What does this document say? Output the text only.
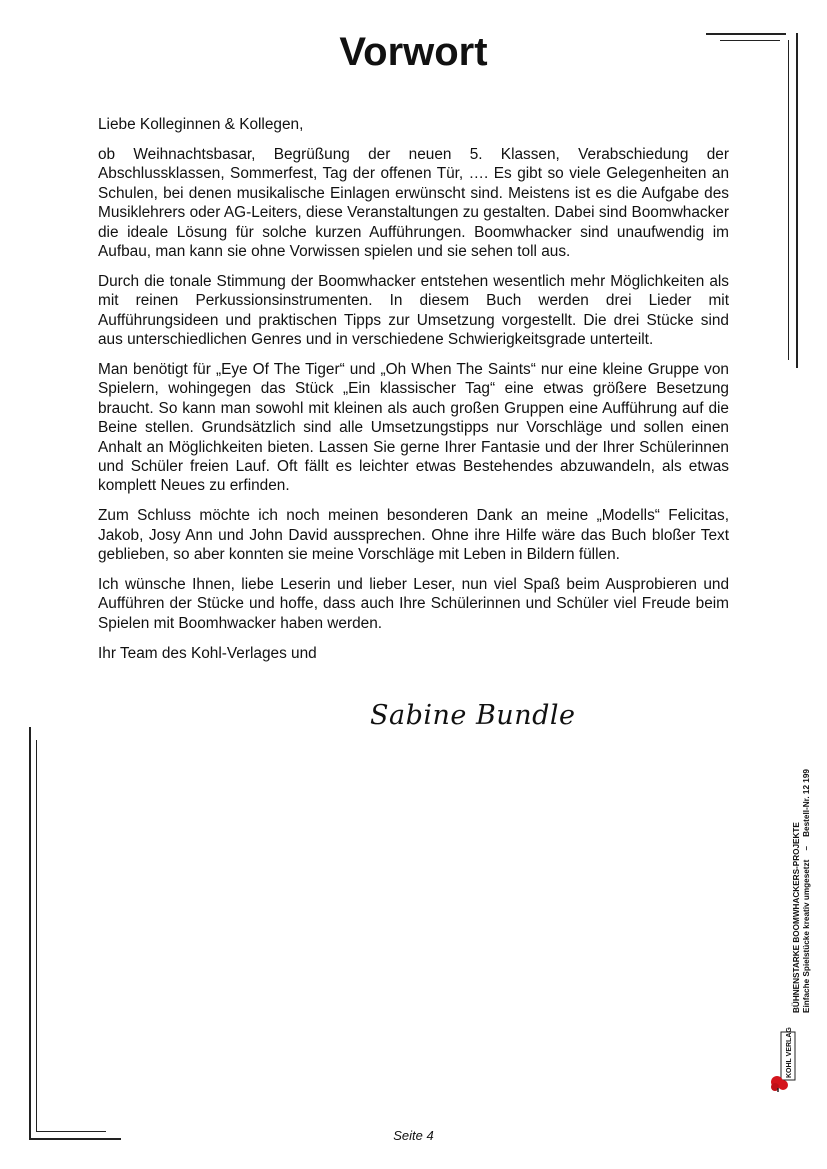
Vorwort

Liebe Kolleginnen & Kollegen,

ob Weihnachtsbasar, Begrüßung der neuen 5. Klassen, Verabschiedung der Abschlussklassen, Sommerfest, Tag der offenen Tür, …. Es gibt so viele Gelegenheiten an Schulen, bei denen musikalische Einlagen erwünscht sind. Meistens ist es die Aufgabe des Musiklehrers oder AG-Leiters, diese Veranstaltungen zu gestalten. Dabei sind Boomwhacker die ideale Lösung für solche kurzen Aufführungen. Boomwhacker sind unaufwendig im Aufbau, man kann sie ohne Vorwissen spielen und sie sehen toll aus.

Durch die tonale Stimmung der Boomwhacker entstehen wesentlich mehr Möglichkeiten als mit reinen Perkussionsinstrumenten. In diesem Buch werden drei Lieder mit Aufführungsideen und praktischen Tipps zur Umsetzung vorgestellt. Die drei Stücke sind aus unterschiedlichen Genres und in verschiedene Schwierigkeitsgrade unterteilt.

Man benötigt für „Eye Of The Tiger“ und „Oh When The Saints“ nur eine kleine Gruppe von Spielern, wohingegen das Stück „Ein klassischer Tag“ eine etwas größere Besetzung braucht. So kann man sowohl mit kleinen als auch großen Gruppen eine Aufführung auf die Beine stellen. Grundsätzlich sind alle Umsetzungstipps nur Vorschläge und sollen einen Anhalt an Möglichkeiten bieten. Lassen Sie gerne Ihrer Fantasie und der Ihrer Schülerinnen und Schüler freien Lauf. Oft fällt es leichter etwas Bestehendes abzuwandeln, als etwas komplett Neues zu erfinden.

Zum Schluss möchte ich noch meinen besonderen Dank an meine „Modells“ Felicitas, Jakob, Josy Ann und John David aussprechen. Ohne ihre Hilfe wäre das Buch bloßer Text geblieben, so aber konnten sie meine Vorschläge mit Leben in Bildern füllen.

Ich wünsche Ihnen, liebe Leserin und lieber Leser, nun viel Spaß beim Ausprobieren und Aufführen der Stücke und hoffe, dass auch Ihre Schülerinnen und Schüler viel Freude beim Spielen mit Boomhwacker haben werden.

Ihr Team des Kohl-Verlages und

Sabine Bundle
BÜHNENSTARKE BOOMWHACKERS-PROJEKTE Einfache Spielstücke kreativ umgesetzt    –    Bestell-Nr. 12 199
KOHL VERLAG
Seite 4
